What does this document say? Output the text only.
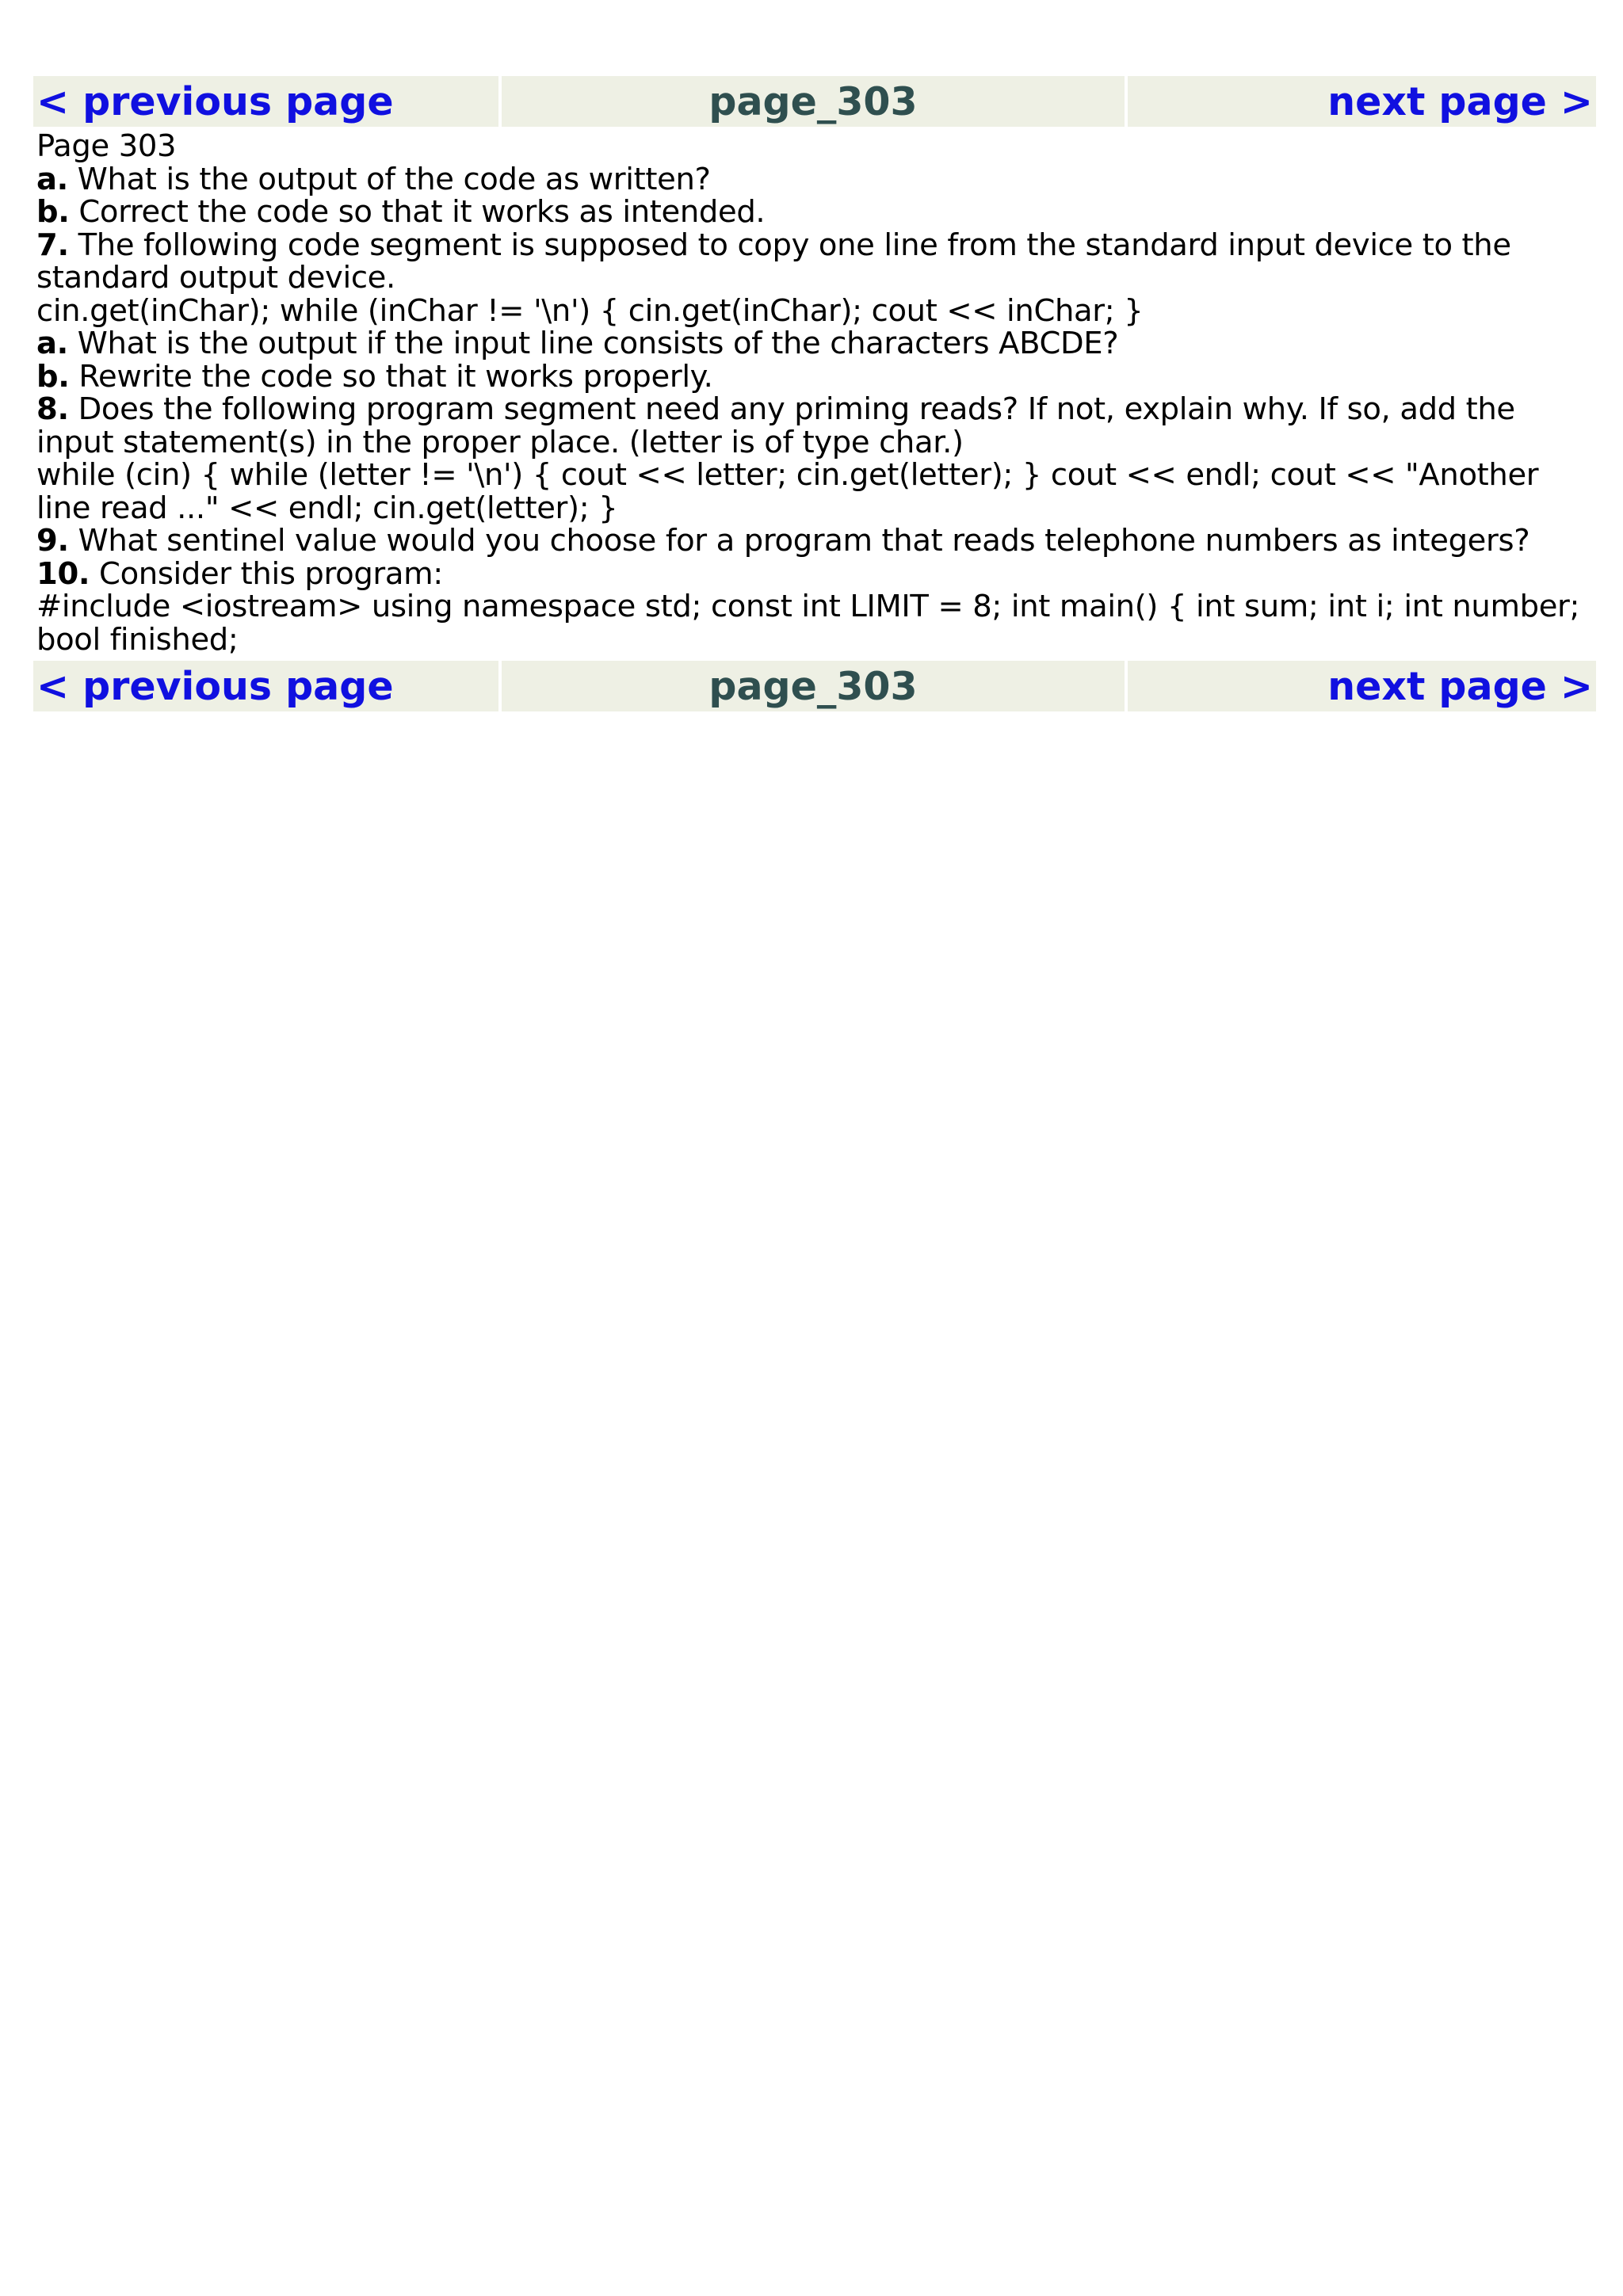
< previous page	page_303	next page >
Page 303
a. What is the output of the code as written?
b. Correct the code so that it works as intended.
7. The following code segment is supposed to copy one line from the standard input device to the standard output device.
cin.get(inChar); while (inChar != '\n') { cin.get(inChar); cout << inChar; }
a. What is the output if the input line consists of the characters ABCDE?
b. Rewrite the code so that it works properly.
8. Does the following program segment need any priming reads? If not, explain why. If so, add the input statement(s) in the proper place. (letter is of type char.)
while (cin) { while (letter != '\n') { cout << letter; cin.get(letter); } cout << endl; cout << "Another line read ..." << endl; cin.get(letter); }
9. What sentinel value would you choose for a program that reads telephone numbers as integers?
10. Consider this program:
#include <iostream> using namespace std; const int LIMIT = 8; int main() { int sum; int i; int number; bool finished;
< previous page	page_303	next page >
